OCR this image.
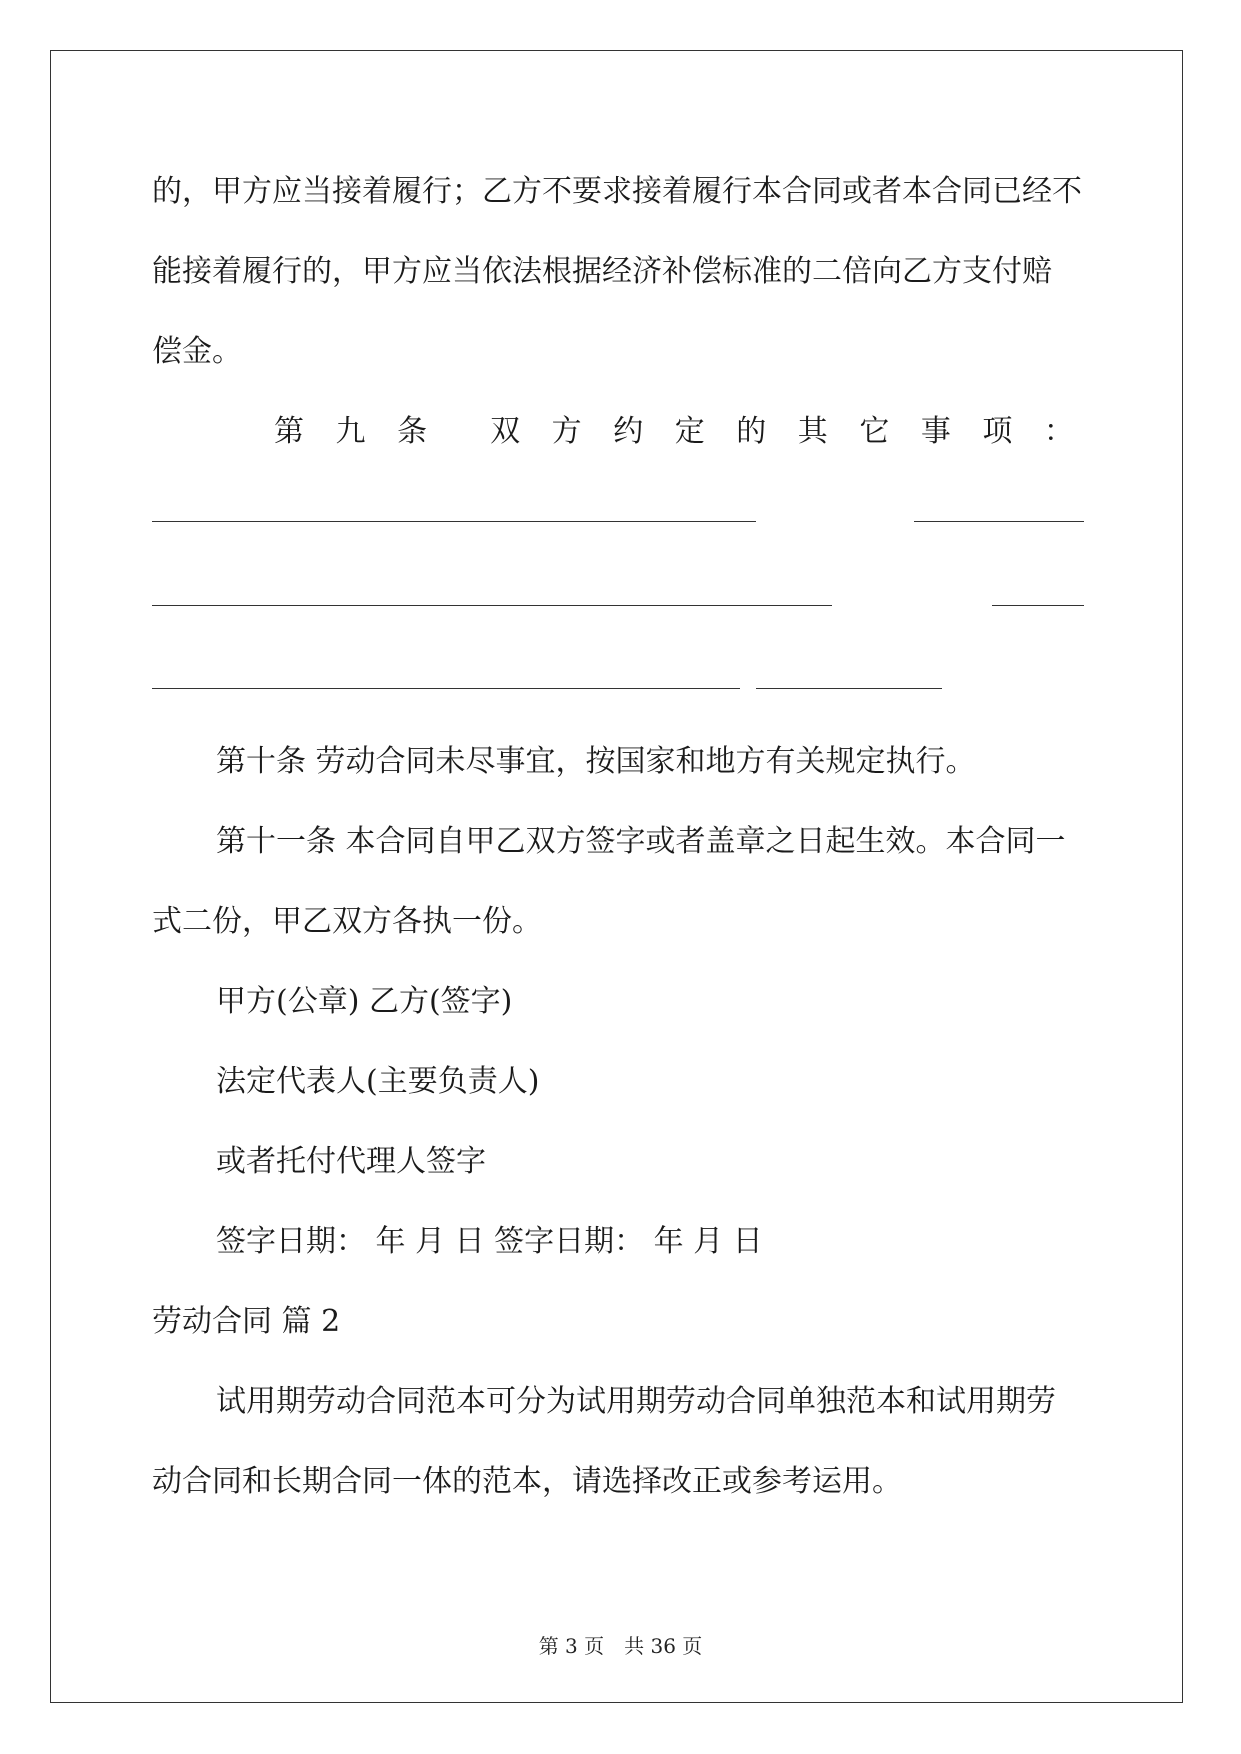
的，甲方应当接着履行；乙方不要求接着履行本合同或者本合同已经不
能接着履行的，甲方应当依法根据经济补偿标准的二倍向乙方支付赔
偿金。
第 九 条 双 方 约 定 的 其 它 事 项 ：
第十条 劳动合同未尽事宜，按国家和地方有关规定执行。
第十一条 本合同自甲乙双方签字或者盖章之日起生效。本合同一
式二份，甲乙双方各执一份。
甲方(公章) 乙方(签字)
法定代表人(主要负责人)
或者托付代理人签字
签字日期： 年 月 日 签字日期： 年 月 日
劳动合同 篇 2
试用期劳动合同范本可分为试用期劳动合同单独范本和试用期劳
动合同和长期合同一体的范本，请选择改正或参考运用。
第 3 页　共 36 页
